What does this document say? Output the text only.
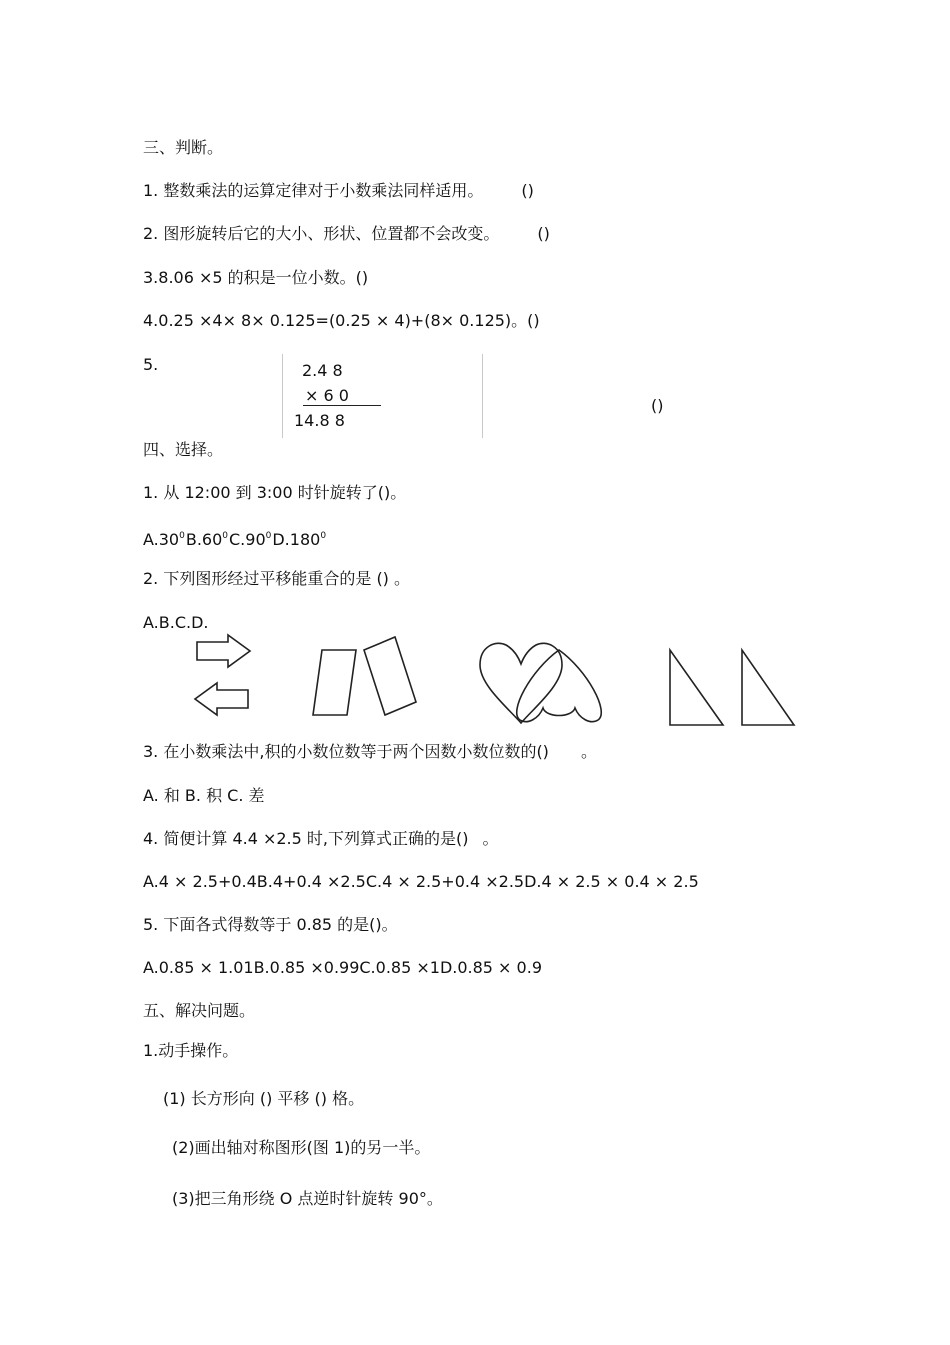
三、判断。
1. 整数乘法的运算定律对于小数乘法同样适用。 ()
2. 图形旋转后它的大小、形状、位置都不会改变。 ()
3.8.06 ×5 的积是一位小数。()
4.0.25 ×4× 8× 0.125=(0.25 × 4)+(8× 0.125)。()
5.	2.4 8
× 6 0
14.8 8
()
四、选择。
1. 从 12:00 到 3:00 时针旋转了()。
$A.30^0B.60^0C.90^0D.180^0$
2. 下列图形经过平移能重合的是 () 。
A.B.C.D.
3. 在小数乘法中,积的小数位数等于两个因数小数位数的() 。
A. 和 B. 积 C. 差
4. 简便计算 4.4 ×2.5 时,下列算式正确的是() 。
A.4 × 2.5+0.4B.4+0.4 ×2.5C.4 × 2.5+0.4 ×2.5D.4 × 2.5 × 0.4 × 2.5
5. 下面各式得数等于 0.85 的是()。
A.0.85 × 1.01B.0.85 ×0.99C.0.85 ×1D.0.85 × 0.9
五、解决问题。
1.动手操作。
(1) 长方形向 () 平移 () 格。
(2)画出轴对称图形(图 1)的另一半。
(3)把三角形绕 O 点逆时针旋转 90°。
